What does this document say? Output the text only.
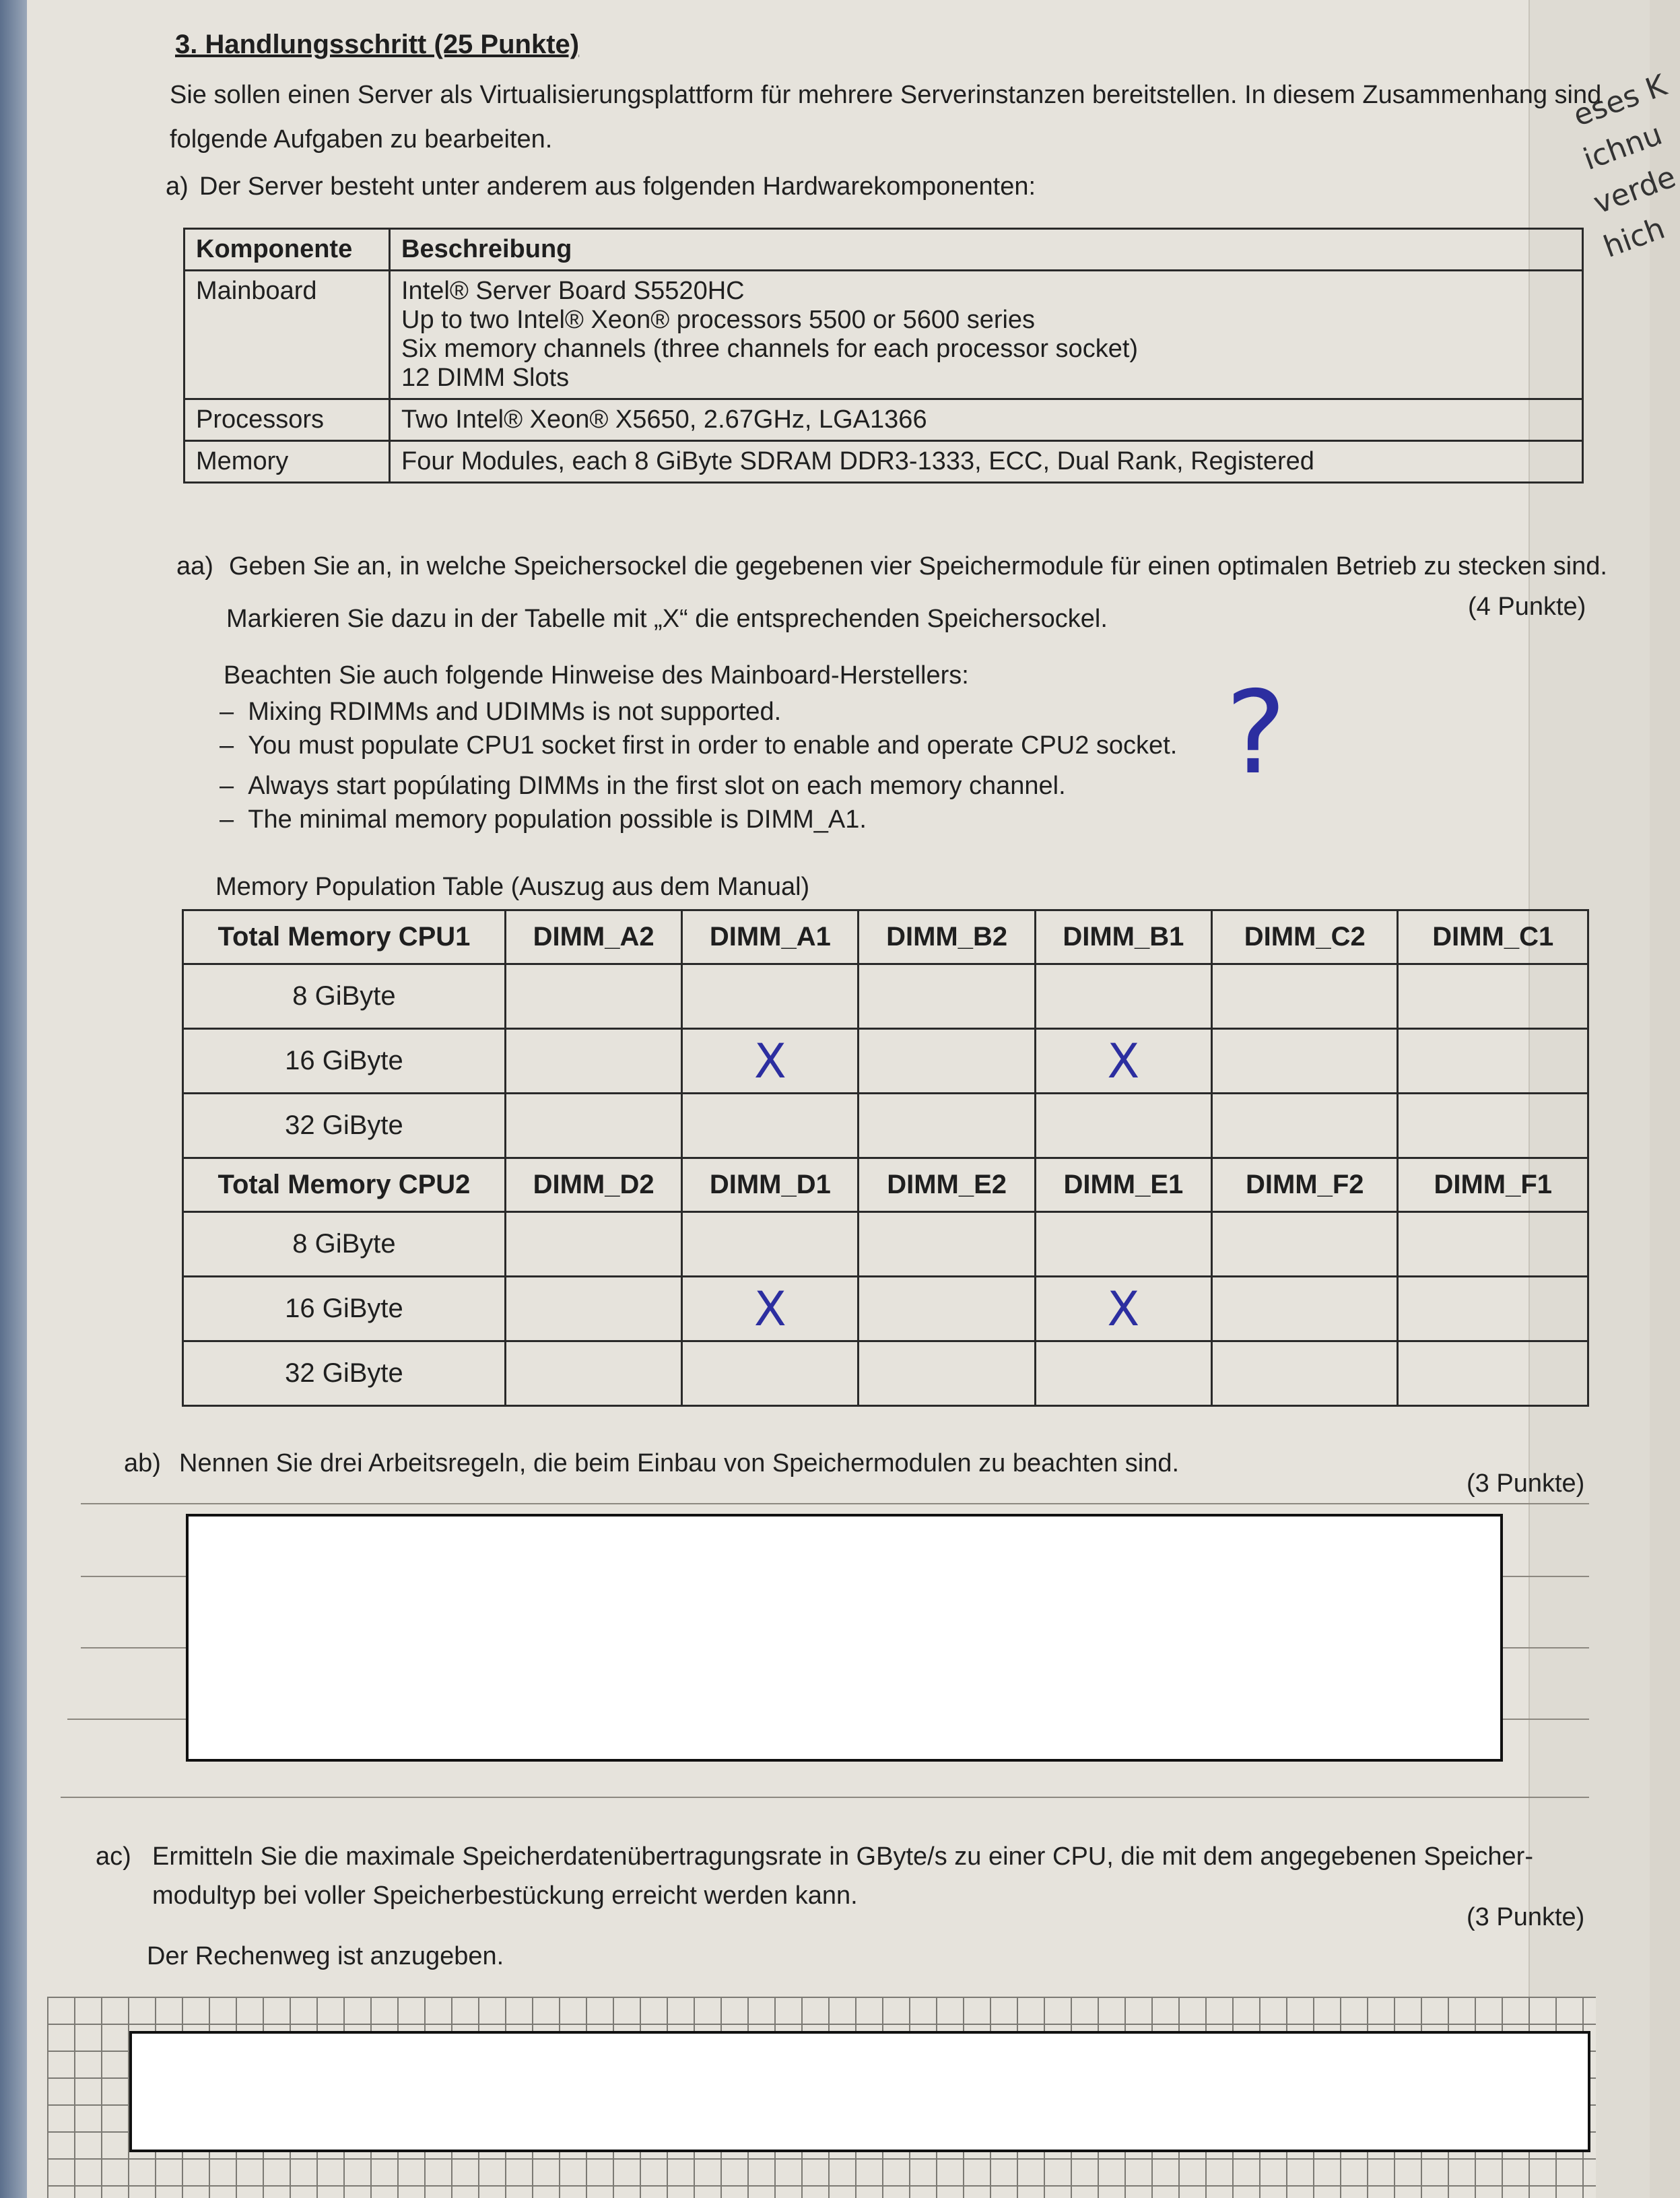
eses K
ichnu
verde
hich
3. Handlungsschritt (25 Punkte)
Sie sollen einen Server als Virtualisierungsplattform für mehrere Serverinstanzen bereitstellen. In diesem Zusammenhang sind
folgende Aufgaben zu bearbeiten.
a) Der Server besteht unter anderem aus folgenden Hardwarekomponenten:
Komponente	Beschreibung
Mainboard	Intel® Server Board S5520HC
Up to two Intel® Xeon® processors 5500 or 5600 series
Six memory channels (three channels for each processor socket)
12 DIMM Slots

Processors	Two Intel® Xeon® X5650, 2.67GHz, LGA1366
Memory	Four Modules, each 8 GiByte SDRAM DDR3-1333, ECC, Dual Rank, Registered
aa) Geben Sie an, in welche Speichersockel die gegebenen vier Speichermodule für einen optimalen Betrieb zu stecken sind.
Markieren Sie dazu in der Tabelle mit „X“ die entsprechenden Speichersockel.	(4 Punkte)
Beachten Sie auch folgende Hinweise des Mainboard-Herstellers:
– Mixing RDIMMs and UDIMMs is not supported.
– You must populate CPU1 socket first in order to enable and operate CPU2 socket.
– Always start popúlating DIMMs in the first slot on each memory channel.
– The minimal memory population possible is DIMM_A1.
?
Memory Population Table (Auszug aus dem Manual)
Total Memory CPU1	DIMM_A2	DIMM_A1	DIMM_B2	DIMM_B1	DIMM_C2	DIMM_C1
8 GiByte						
16 GiByte		X		X		
32 GiByte						
Total Memory CPU2	DIMM_D2	DIMM_D1	DIMM_E2	DIMM_E1	DIMM_F2	DIMM_F1
8 GiByte						
16 GiByte		X		X		
32 GiByte						
ab) Nennen Sie drei Arbeitsregeln, die beim Einbau von Speichermodulen zu beachten sind.
(3 Punkte)
ac) Ermitteln Sie die maximale Speicherdatenübertragungsrate in GByte/s zu einer CPU, die mit dem angegebenen Speicher-
modultyp bei voller Speicherbestückung erreicht werden kann.
(3 Punkte)
Der Rechenweg ist anzugeben.
